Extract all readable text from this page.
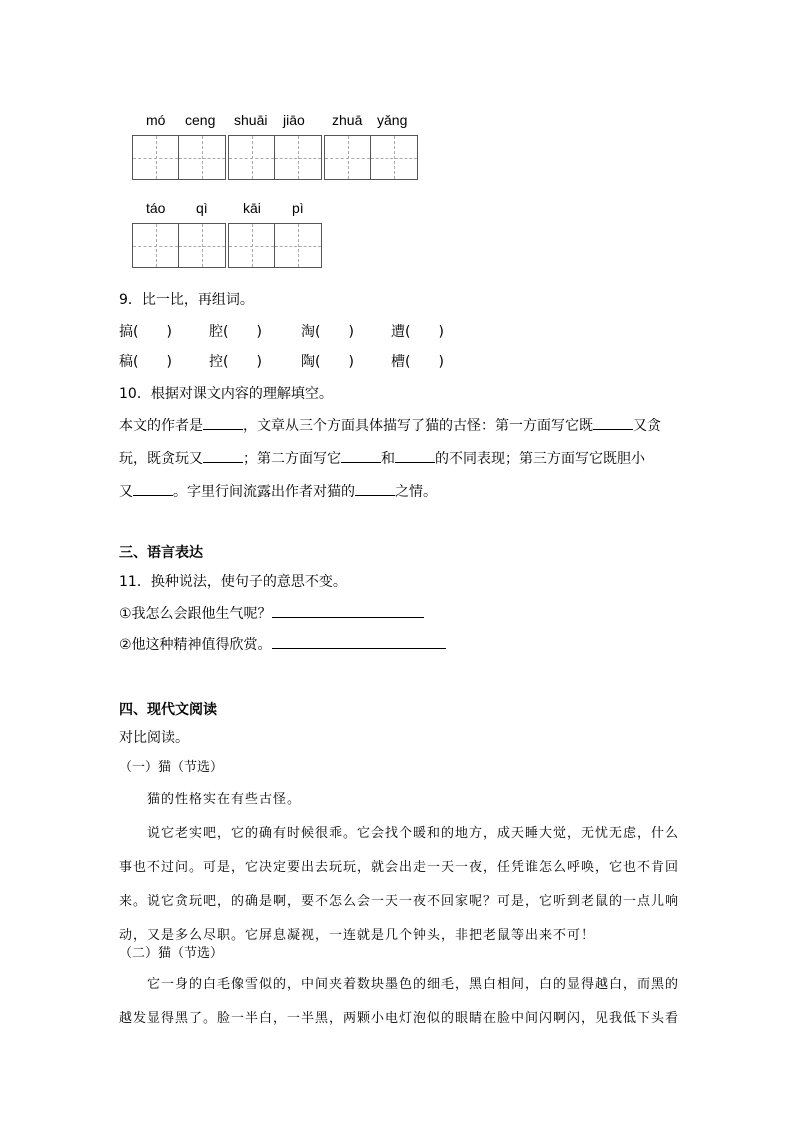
mó ceng shuāi jiāo zhuā yǎng
táo qì	kāi pì
9．比一比，再组词。
搞(　　)	腔(　　)	淘(　　)	遭(　　)
稿(　　)	控(　　)	陶(　　)	槽(　　)
10．根据对课文内容的理解填空。
本文的作者是	，文章从三个方面具体描写了猫的古怪：第一方面写它既	又贪
玩，既贪玩又	；第二方面写它	和	的不同表现；第三方面写它既胆小
又	。字里行间流露出作者对猫的	之情。
三、语言表达
11．换种说法，使句子的意思不变。
①我怎么会跟他生气呢？
②他这种精神值得欣赏。
四、现代文阅读
对比阅读。
（一）猫（节选）
猫的性格实在有些古怪。
说它老实吧，它的确有时候很乖。它会找个暖和的地方，成天睡大觉，无忧无虑，什么事也不过问。可是，它决定要出去玩玩，就会出走一天一夜，任凭谁怎么呼唤，它也不肯回来。说它贪玩吧，的确是啊，要不怎么会一天一夜不回家呢？可是，它听到老鼠的一点儿响动，又是多么尽职。它屏息凝视，一连就是几个钟头，非把老鼠等出来不可！
（二）猫（节选）
它一身的白毛像雪似的，中间夹着数块墨色的细毛，黑白相间，白的显得越白，而黑的越发显得黑了。脸一半白，一半黑，两颗小电灯泡似的眼睛在脸中间闪啊闪，见我低下头看
